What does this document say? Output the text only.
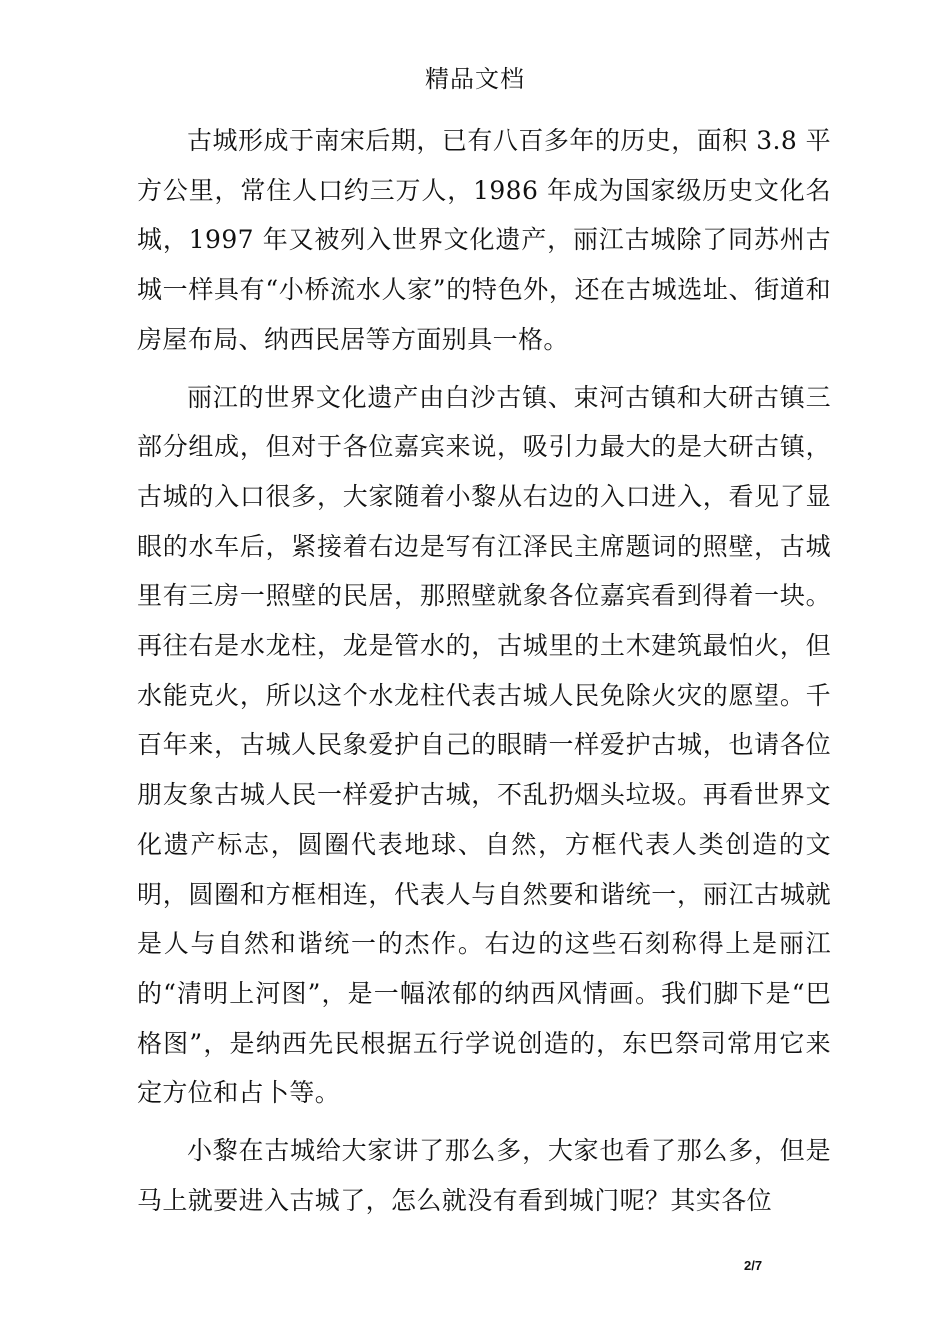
精品文档

古城形成于南宋后期，已有八百多年的历史，面积 3.8 平方公里，常住人口约三万人，1986 年成为国家级历史文化名城，1997 年又被列入世界文化遗产，丽江古城除了同苏州古城一样具有“小桥流水人家”的特色外，还在古城选址、街道和房屋布局、纳西民居等方面别具一格。

丽江的世界文化遗产由白沙古镇、束河古镇和大研古镇三部分组成，但对于各位嘉宾来说，吸引力最大的是大研古镇，古城的入口很多，大家随着小黎从右边的入口进入，看见了显眼的水车后，紧接着右边是写有江泽民主席题词的照壁，古城里有三房一照壁的民居，那照壁就象各位嘉宾看到得着一块。再往右是水龙柱，龙是管水的，古城里的土木建筑最怕火，但水能克火，所以这个水龙柱代表古城人民免除火灾的愿望。千百年来，古城人民象爱护自己的眼睛一样爱护古城，也请各位朋友象古城人民一样爱护古城，不乱扔烟头垃圾。再看世界文化遗产标志，圆圈代表地球、自然，方框代表人类创造的文明，圆圈和方框相连，代表人与自然要和谐统一，丽江古城就是人与自然和谐统一的杰作。右边的这些石刻称得上是丽江的“清明上河图”，是一幅浓郁的纳西风情画。我们脚下是“巴格图”，是纳西先民根据五行学说创造的，东巴祭司常用它来定方位和占卜等。

小黎在古城给大家讲了那么多，大家也看了那么多，但是马上就要进入古城了，怎么就没有看到城门呢？其实各位

2/7
